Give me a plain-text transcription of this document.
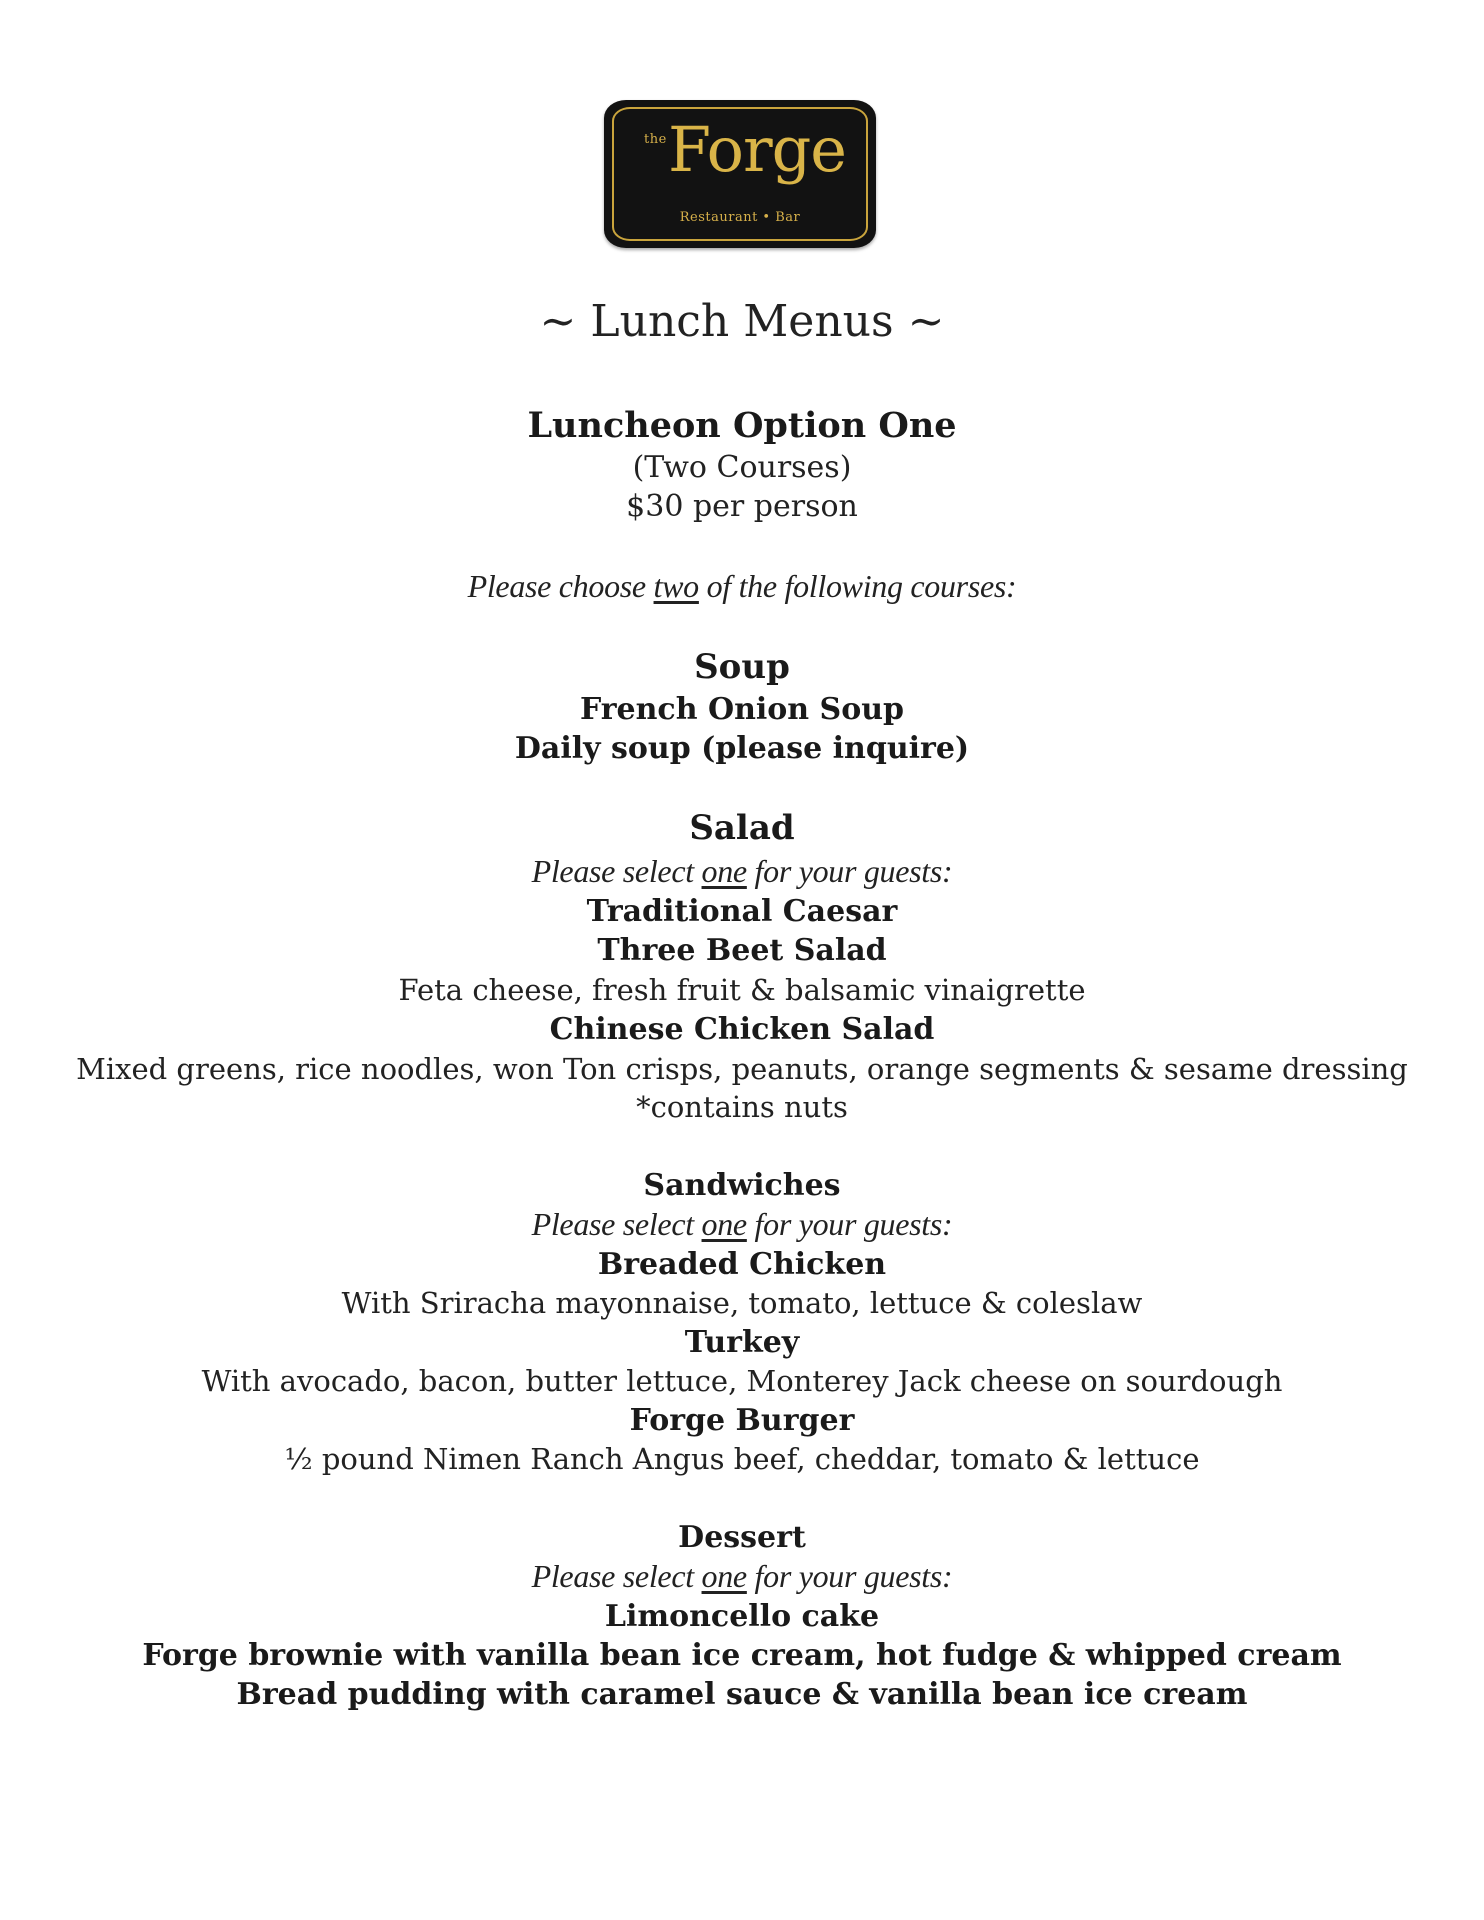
the Forge
Restaurant • Bar
~ Lunch Menus ~
Luncheon Option One
(Two Courses)
$30 per person
Please choose two of the following courses:
Soup
French Onion Soup
Daily soup (please inquire)
Salad
Please select one for your guests:
Traditional Caesar
Three Beet Salad
Feta cheese, fresh fruit & balsamic vinaigrette
Chinese Chicken Salad
Mixed greens, rice noodles, won Ton crisps, peanuts, orange segments & sesame dressing
*contains nuts
Sandwiches
Please select one for your guests:
Breaded Chicken
With Sriracha mayonnaise, tomato, lettuce & coleslaw
Turkey
With avocado, bacon, butter lettuce, Monterey Jack cheese on sourdough
Forge Burger
½ pound Nimen Ranch Angus beef, cheddar, tomato & lettuce
Dessert
Please select one for your guests:
Limoncello cake
Forge brownie with vanilla bean ice cream, hot fudge & whipped cream
Bread pudding with caramel sauce & vanilla bean ice cream
